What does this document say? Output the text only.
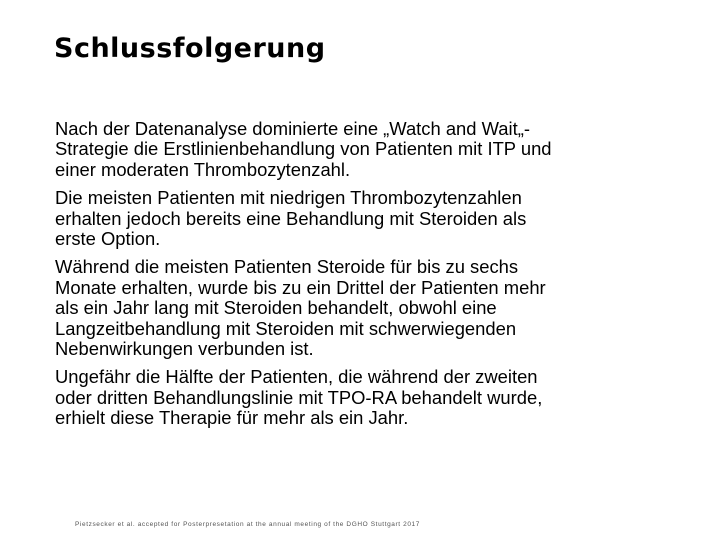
Schlussfolgerung

Nach der Datenanalyse dominierte eine „Watch and Wait„-
Strategie die Erstlinienbehandlung von Patienten mit ITP und
einer moderaten Thrombozytenzahl.

Die meisten Patienten mit niedrigen Thrombozytenzahlen
erhalten jedoch bereits eine Behandlung mit Steroiden als
erste Option.

Während die meisten Patienten Steroide für bis zu sechs
Monate erhalten, wurde bis zu ein Drittel der Patienten mehr
als ein Jahr lang mit Steroiden behandelt, obwohl eine
Langzeitbehandlung mit Steroiden mit schwerwiegenden
Nebenwirkungen verbunden ist.

Ungefähr die Hälfte der Patienten, die während der zweiten
oder dritten Behandlungslinie mit TPO-RA behandelt wurde,
erhielt diese Therapie für mehr als ein Jahr.

Pietzsecker et al. accepted for Posterpresetation at the annual meeting of the DGHO Stuttgart 2017
